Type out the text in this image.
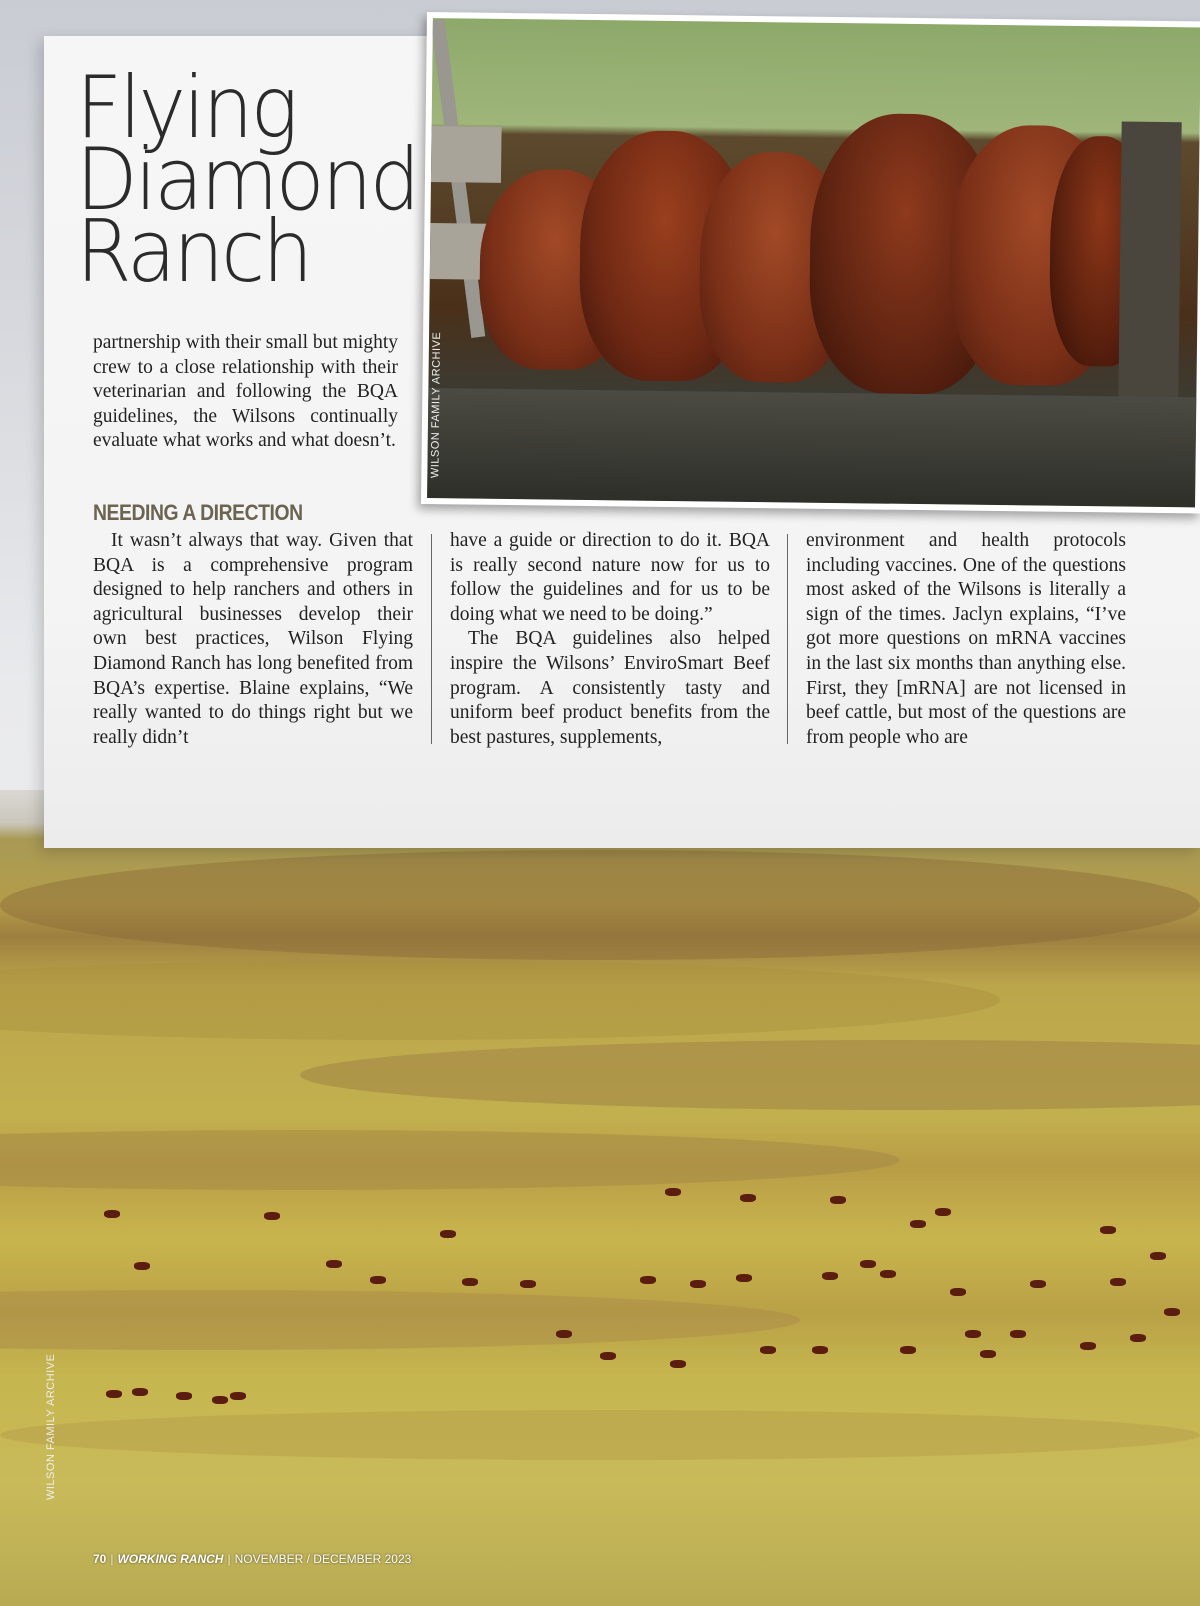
WILSON FAMILY ARCHIVE
Flying
Diamond
Ranch
partnership with their small but mighty crew to a close relationship with their veterinarian and following the BQA guidelines, the Wilsons continually evaluate what works and what doesn’t.
NEEDING A DIRECTION

It wasn’t always that way. Given that BQA is a comprehensive program designed to help ranchers and others in agricultural businesses develop their own best practices, Wilson Flying Diamond Ranch has long benefited from BQA’s expertise. Blaine explains, “We really wanted to do things right but we really didn’t

have a guide or direction to do it. BQA is really second nature now for us to follow the guidelines and for us to be doing what we need to be doing.”

The BQA guidelines also helped inspire the Wilsons’ EnviroSmart Beef program. A consistently tasty and uniform beef product benefits from the best pastures, supplements,

environment and health protocols including vaccines. One of the questions most asked of the Wilsons is literally a sign of the times. Jaclyn explains, “I’ve got more questions on mRNA vaccines in the last six months than anything else. First, they [mRNA] are not licensed in beef cattle, but most of the questions are from people who are

WILSON FAMILY ARCHIVE
70 | WORKING RANCH | NOVEMBER / DECEMBER 2023
